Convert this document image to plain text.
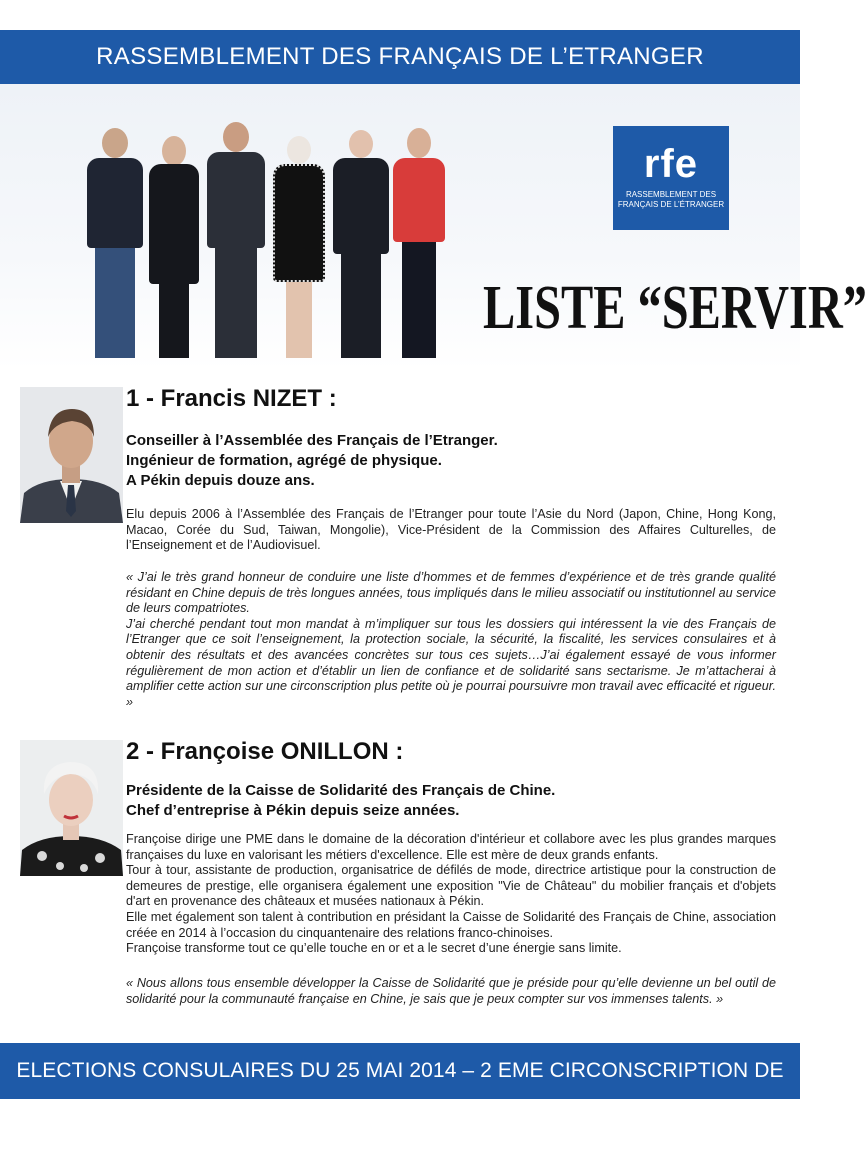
RASSEMBLEMENT DES FRANÇAIS DE L’ETRANGER
rfe
RASSEMBLEMENT DES
FRANÇAIS DE L’ÉTRANGER
LISTE “SERVIR”
1 - Francis NIZET :
Conseiller à l’Assemblée des Français de l’Etranger.
Ingénieur de formation, agrégé de physique.
A Pékin depuis douze ans.

Elu depuis 2006 à l’Assemblée des Français de l’Etranger pour toute l’Asie du Nord (Japon, Chine, Hong Kong, Macao, Corée du Sud, Taiwan, Mongolie), Vice-Président de la Commission des Affaires Culturelles, de l’Enseignement et de l’Audiovisuel.

« J’ai le très grand honneur de conduire une liste d’hommes et de femmes d’expérience et de très grande qualité résidant en Chine depuis de très longues années, tous impliqués dans le milieu associatif ou institutionnel au service de leurs compatriotes.

J’ai cherché pendant tout mon mandat à m’impliquer sur tous les dossiers qui intéressent la vie des Français de l’Etranger que ce soit l’enseignement, la protection sociale, la sécurité, la fiscalité, les services consulaires et à obtenir des résultats et des avancées concrètes sur tous ces sujets…J’ai également essayé de vous informer régulièrement de mon action et d’établir un lien de confiance et de solidarité sans sectarisme. Je m’attacherai à amplifier cette action sur une circonscription plus petite où je pourrai poursuivre mon travail avec efficacité et rigueur. »

2 - Françoise ONILLON :
Présidente de la Caisse de Solidarité des Français de Chine.
Chef d’entreprise à Pékin depuis seize années.

Françoise dirige une PME dans le domaine de la décoration d'intérieur et collabore avec les plus grandes marques françaises du luxe en valorisant les métiers d'excellence. Elle est mère de deux grands enfants.

Tour à tour, assistante de production, organisatrice de défilés de mode, directrice artistique pour la construction de demeures de prestige, elle organisera également une exposition "Vie de Château" du mobilier français et d'objets d'art en provenance des châteaux et musées nationaux à Pékin.

Elle met également son talent à contribution en présidant la Caisse de Solidarité des Français de Chine, association créée en 2014 à l’occasion du cinquantenaire des relations franco-chinoises.

Françoise transforme tout ce qu’elle touche en or et a le secret d’une énergie sans limite.

« Nous allons tous ensemble développer la Caisse de Solidarité que je préside pour qu’elle devienne un bel outil de solidarité pour la communauté française en Chine, je sais que je peux compter sur vos immenses talents. »

ELECTIONS CONSULAIRES DU 25 MAI 2014 – 2 EME CIRCONSCRIPTION DE CHINE
